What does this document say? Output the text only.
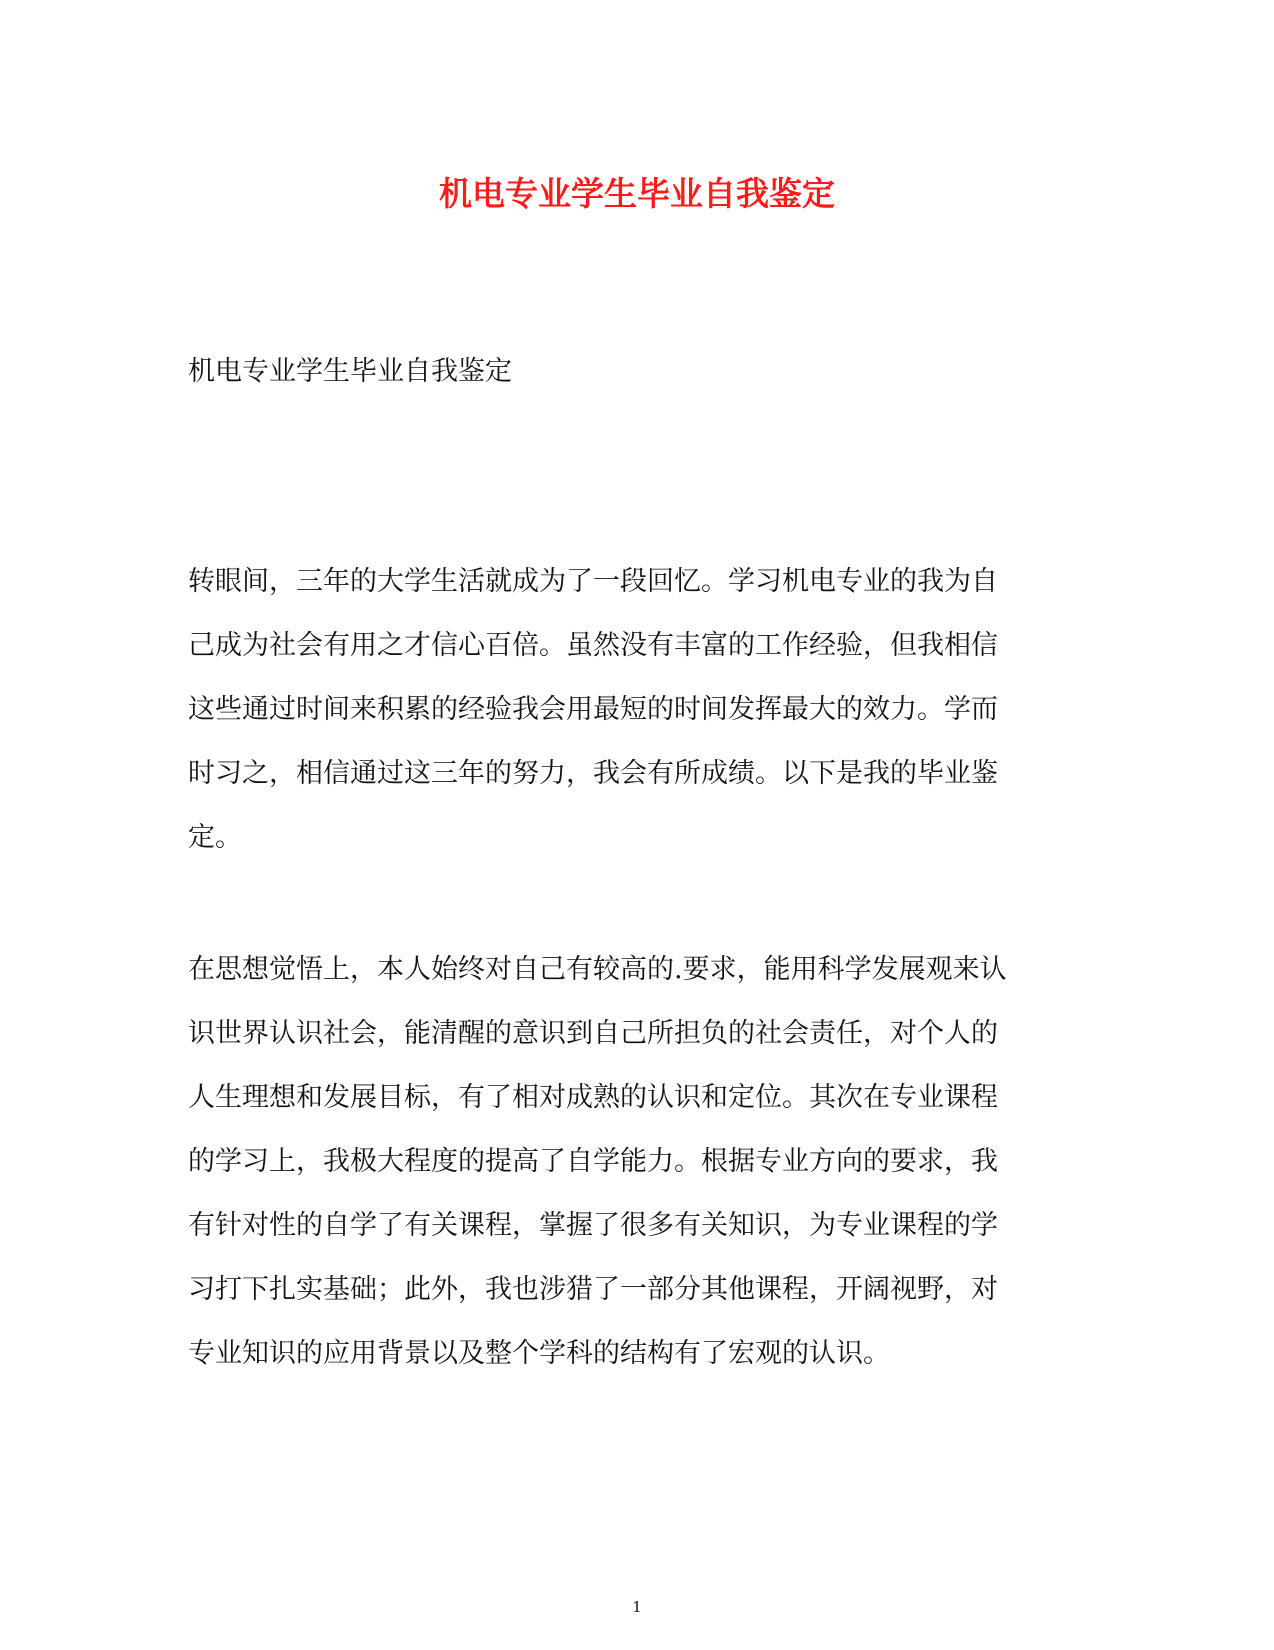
机电专业学生毕业自我鉴定

机电专业学生毕业自我鉴定

转眼间，三年的大学生活就成为了一段回忆。学习机电专业的我为自
己成为社会有用之才信心百倍。虽然没有丰富的工作经验，但我相信
这些通过时间来积累的经验我会用最短的时间发挥最大的效力。学而
时习之，相信通过这三年的努力，我会有所成绩。以下是我的毕业鉴
定。

在思想觉悟上，本人始终对自己有较高的.要求，能用科学发展观来认
识世界认识社会，能清醒的意识到自己所担负的社会责任，对个人的
人生理想和发展目标，有了相对成熟的认识和定位。其次在专业课程
的学习上，我极大程度的提高了自学能力。根据专业方向的要求，我
有针对性的自学了有关课程，掌握了很多有关知识，为专业课程的学
习打下扎实基础；此外，我也涉猎了一部分其他课程，开阔视野，对
专业知识的应用背景以及整个学科的结构有了宏观的认识。

1
